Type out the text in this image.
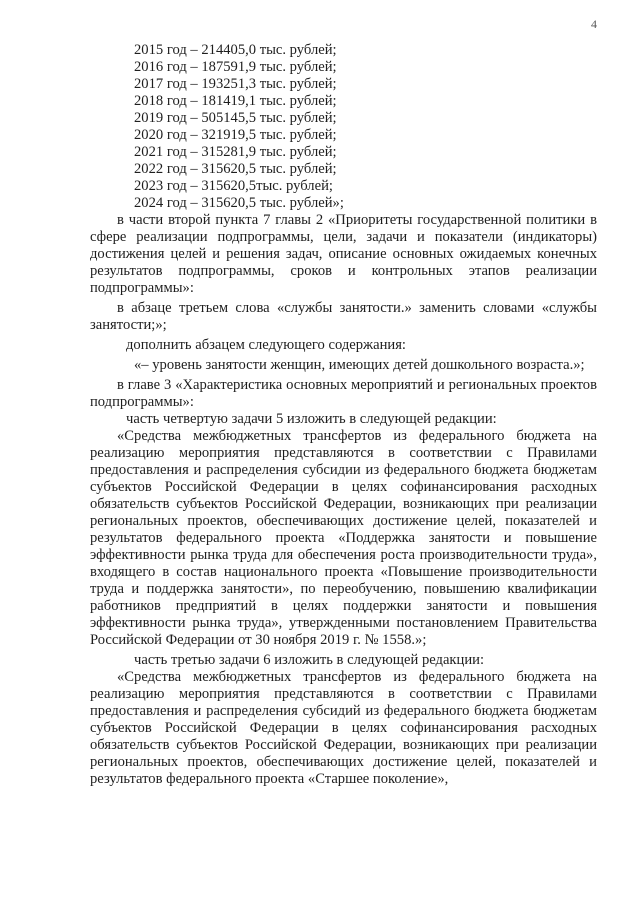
4
2015 год – 214405,0 тыс. рублей;
2016 год – 187591,9 тыс. рублей;
2017 год – 193251,3 тыс. рублей;
2018 год – 181419,1 тыс. рублей;
2019 год – 505145,5 тыс. рублей;
2020 год – 321919,5 тыс. рублей;
2021 год – 315281,9 тыс. рублей;
2022 год – 315620,5 тыс. рублей;
2023 год – 315620,5тыс. рублей;
2024 год – 315620,5 тыс. рублей»;

в части второй пункта 7 главы 2 «Приоритеты государственной политики в сфере реализации подпрограммы, цели, задачи и показатели (индикаторы) достижения целей и решения задач, описание основных ожидаемых конечных результатов подпрограммы, сроков и контрольных этапов реализации подпрограммы»:

в абзаце третьем слова «службы занятости.» заменить словами «службы занятости;»;

дополнить абзацем следующего содержания:

«– уровень занятости женщин, имеющих детей дошкольного возраста.»;

в главе 3 «Характеристика основных мероприятий и региональных проектов подпрограммы»:

часть четвертую задачи 5 изложить в следующей редакции:

«Средства межбюджетных трансфертов из федерального бюджета на реализацию мероприятия представляются в соответствии с Правилами предоставления и распределения субсидии из федерального бюджета бюджетам субъектов Российской Федерации в целях софинансирования расходных обязательств субъектов Российской Федерации, возникающих при реализации региональных проектов, обеспечивающих достижение целей, показателей и результатов федерального проекта «Поддержка занятости и повышение эффективности рынка труда для обеспечения роста производительности труда», входящего в состав национального проекта «Повышение производительности труда и поддержка занятости», по переобучению, повышению квалификации работников предприятий в целях поддержки занятости и повышения эффективности рынка труда», утвержденными постановлением Правительства Российской Федерации от 30 ноября 2019 г. № 1558.»;

часть третью задачи 6 изложить в следующей редакции:

«Средства межбюджетных трансфертов из федерального бюджета на реализацию мероприятия представляются в соответствии с Правилами предоставления и распределения субсидий из федерального бюджета бюджетам субъектов Российской Федерации в целях софинансирования расходных обязательств субъектов Российской Федерации, возникающих при реализации региональных проектов, обеспечивающих достижение целей, показателей и результатов федерального проекта «Старшее поколение»,
